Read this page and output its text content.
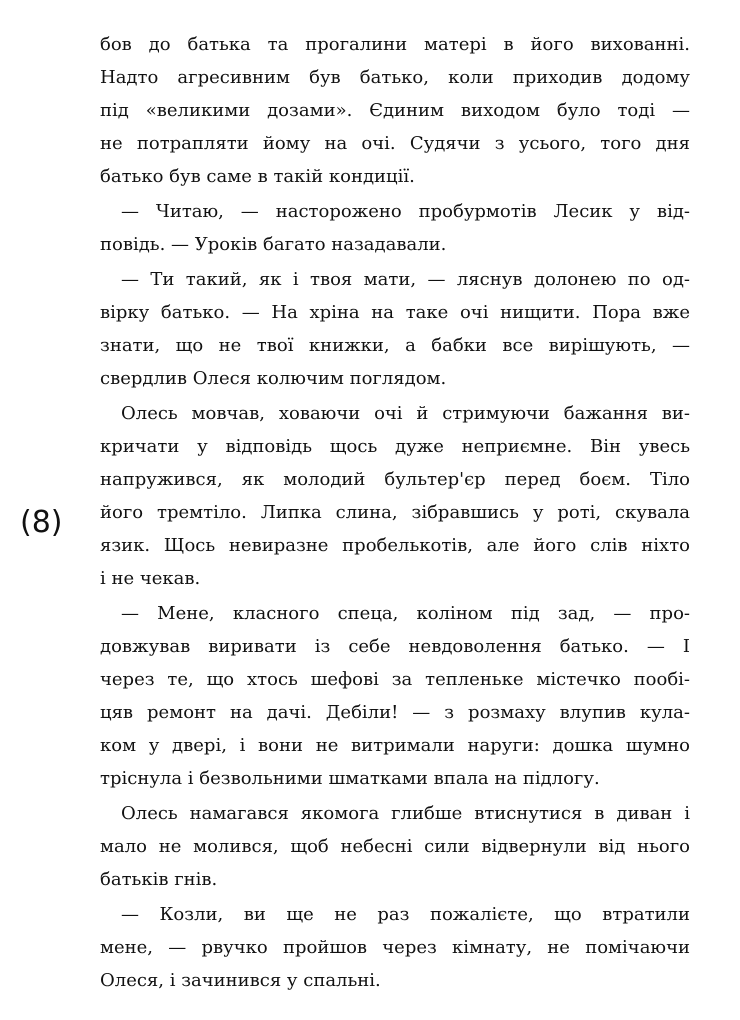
(8)
бов до батька та прогалини матері в його вихованні.
Надто агресивним був батько, коли приходив додому
під «великими дозами». Єдиним виходом було тоді —
не потрапляти йому на очі. Судячи з усього, того дня
батько був саме в такій кондиції.
— Читаю, — насторожено пробурмотів Лесик у від-
повідь. — Уроків багато назадавали.
— Ти такий, як і твоя мати, — ляснув долонею по од-
вірку батько. — На хріна на таке очі нищити. Пора вже
знати, що не твої книжки, а бабки все вирішують, —
свердлив Олеся колючим поглядом.
Олесь мовчав, ховаючи очі й стримуючи бажання ви-
кричати у відповідь щось дуже неприємне. Він увесь
напружився, як молодий бультер'єр перед боєм. Тіло
його тремтіло. Липка слина, зібравшись у роті, скувала
язик. Щось невиразне пробелькотів, але його слів ніхто
і не чекав.
— Мене, класного спеца, коліном під зад, — про-
довжував виривати із себе невдоволення батько. — І
через те, що хтось шефові за тепленьке містечко пообі-
цяв ремонт на дачі. Дебіли! — з розмаху влупив кула-
ком у двері, і вони не витримали наруги: дошка шумно
тріснула і безвольними шматками впала на підлогу.
Олесь намагався якомога глибше втиснутися в диван і
мало не молився, щоб небесні сили відвернули від нього
батьків гнів.
— Козли, ви ще не раз пожалієте, що втратили
мене, — рвучко пройшов через кімнату, не помічаючи
Олеся, і зачинився у спальні.
